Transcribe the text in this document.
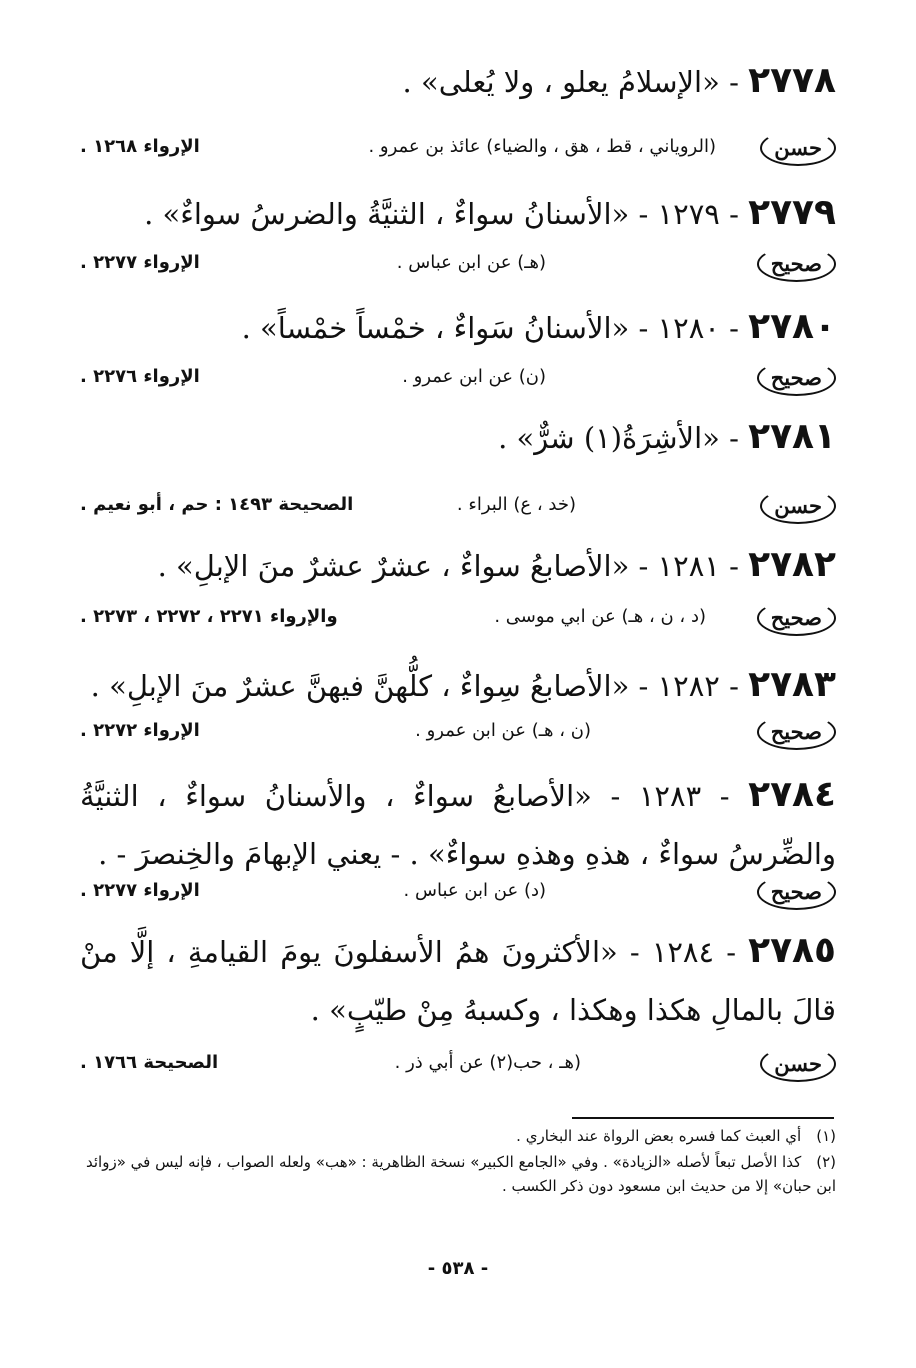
٢٧٧٨ - «الإسلامُ يعلو ، ولا يُعلى» .
حسن
(الروياني ، قط ، هق ، والضياء) عائذ بن عمرو .
الإرواء ١٢٦٨ .
٢٧٧٩ - ١٢٧٩ - «الأسنانُ سواءٌ ، الثنيَّةُ والضرسُ سواءٌ» .
صحيح
(هـ) عن ابن عباس .
الإرواء ٢٢٧٧ .
٢٧٨٠ - ١٢٨٠ - «الأسنانُ سَواءٌ ، خمْساً خمْساً» .
صحيح
(ن) عن ابن عمرو .
الإرواء ٢٢٧٦ .
٢٧٨١ - «الأشِرَةُ(١) شرٌّ» .
حسن
(خد ، ع) البراء .
الصحيحة ١٤٩٣ : حم ، أبو نعيم .
٢٧٨٢ - ١٢٨١ - «الأصابعُ سواءٌ ، عشرٌ عشرٌ منَ الإبلِ» .
صحيح
(د ، ن ، هـ) عن ابي موسى .
والإرواء ٢٢٧١ ، ٢٢٧٢ ، ٢٢٧٣ .
٢٧٨٣ - ١٢٨٢ - «الأصابعُ سِواءٌ ، كلُّهنَّ فيهنَّ عشرٌ منَ الإبلِ» .
صحيح
(ن ، هـ) عن ابن عمرو .
الإرواء ٢٢٧٢ .
٢٧٨٤ - ١٢٨٣ - «الأصابعُ سواءٌ ، والأسنانُ سواءٌ ، الثنيَّةُ والضِّرسُ سواءٌ ، هذهِ وهذهِ سواءٌ» . - يعني الإبهامَ والخِنصرَ - .
صحيح
(د) عن ابن عباس .
الإرواء ٢٢٧٧ .
٢٧٨٥ - ١٢٨٤ - «الأكثرونَ همُ الأسفلونَ يومَ القيامةِ ، إلَّا منْ قالَ بالمالِ هكذا وهكذا ، وكسبهُ مِنْ طيّبٍ» .
حسن
(هـ ، حب(٢) عن أبي ذر .
الصحيحة ١٧٦٦ .
(١) أي العبث كما فسره بعض الرواة عند البخاري .
(٢) كذا الأصل تبعاً لأصله «الزيادة» . وفي «الجامع الكبير» نسخة الظاهرية : «هب» ولعله الصواب ، فإنه ليس في «زوائد ابن حبان» إلا من حديث ابن مسعود دون ذكر الكسب .
- ٥٣٨ -
